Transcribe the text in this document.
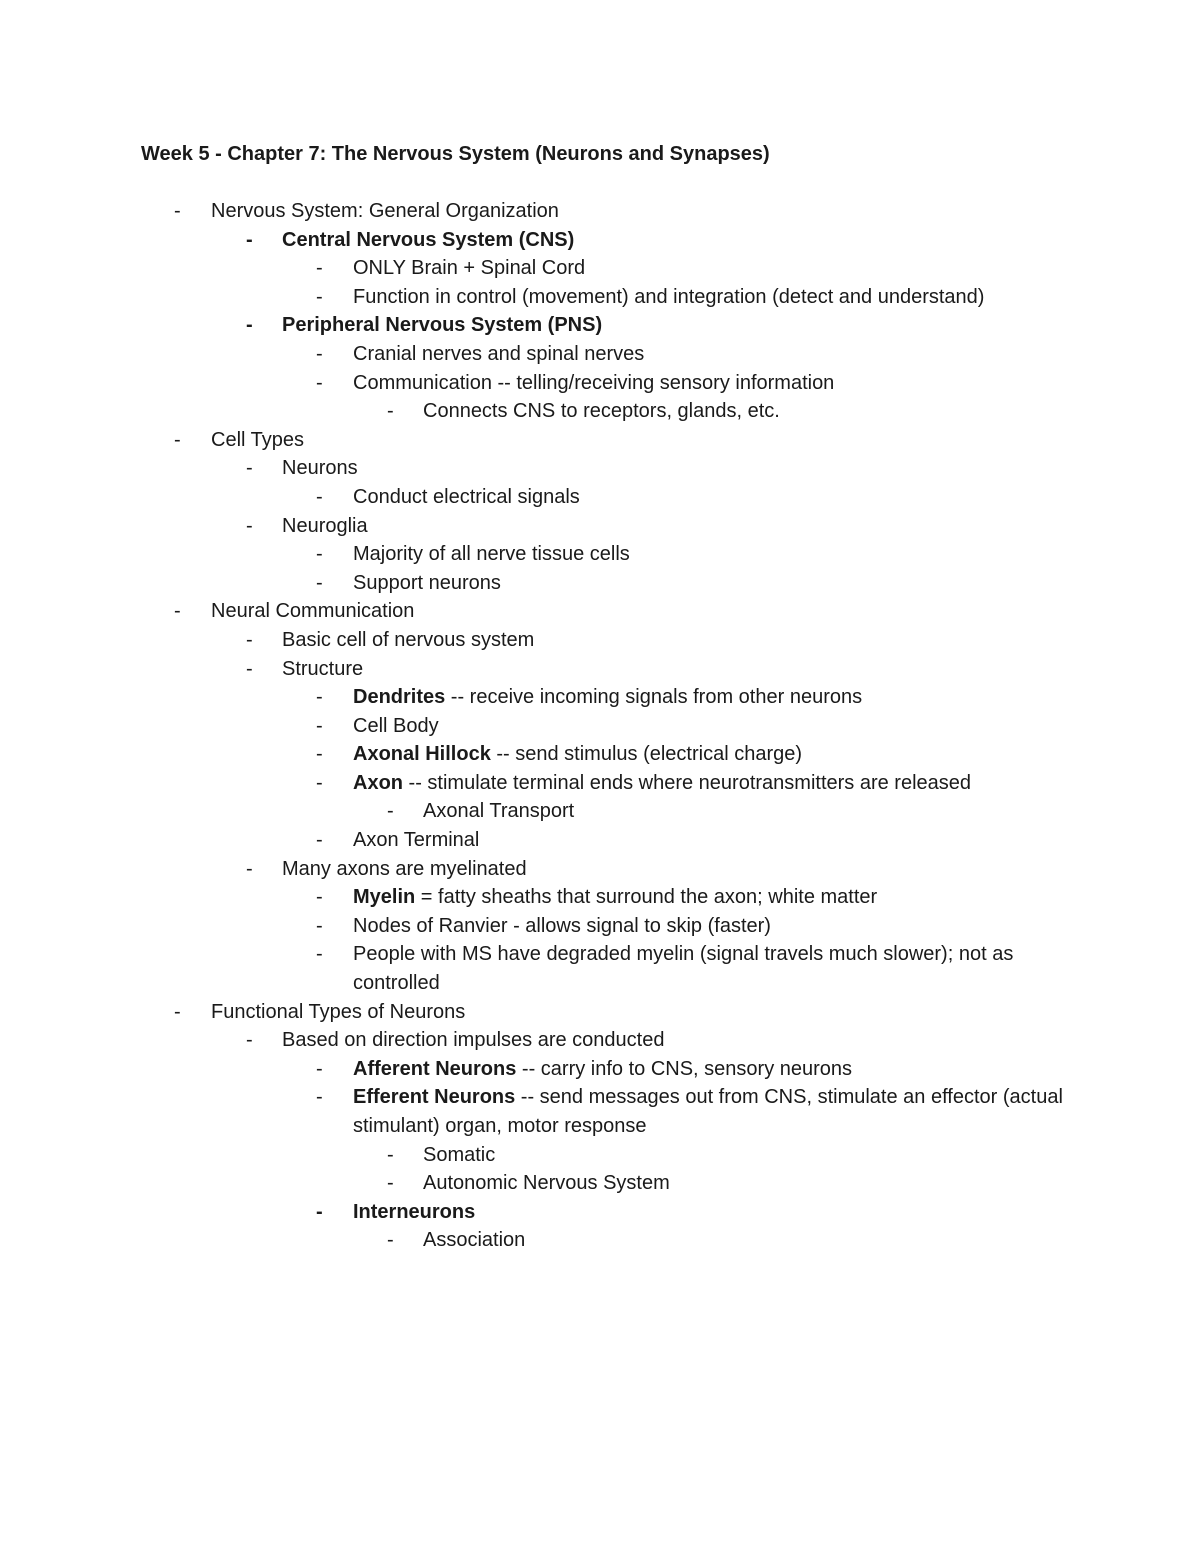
Week 5 - Chapter 7: The Nervous System (Neurons and Synapses)
-	Nervous System: General Organization
-	Central Nervous System (CNS)
-	ONLY Brain + Spinal Cord
-	Function in control (movement) and integration (detect and understand)
-	Peripheral Nervous System (PNS)
-	Cranial nerves and spinal nerves
-	Communication -- telling/receiving sensory information
-	Connects CNS to receptors, glands, etc.
-	Cell Types
-	Neurons
-	Conduct electrical signals
-	Neuroglia
-	Majority of all nerve tissue cells
-	Support neurons
-	Neural Communication
-	Basic cell of nervous system
-	Structure
-	Dendrites -- receive incoming signals from other neurons
-	Cell Body
-	Axonal Hillock -- send stimulus (electrical charge)
-	Axon -- stimulate terminal ends where neurotransmitters are released
-	Axonal Transport
-	Axon Terminal
-	Many axons are myelinated
-	Myelin = fatty sheaths that surround the axon; white matter
-	Nodes of Ranvier - allows signal to skip (faster)
-	People with MS have degraded myelin (signal travels much slower); not as controlled
-	Functional Types of Neurons
-	Based on direction impulses are conducted
-	Afferent Neurons -- carry info to CNS, sensory neurons
-	Efferent Neurons -- send messages out from CNS, stimulate an effector (actual stimulant) organ, motor response
-	Somatic
-	Autonomic Nervous System
-	Interneurons
-	Association
